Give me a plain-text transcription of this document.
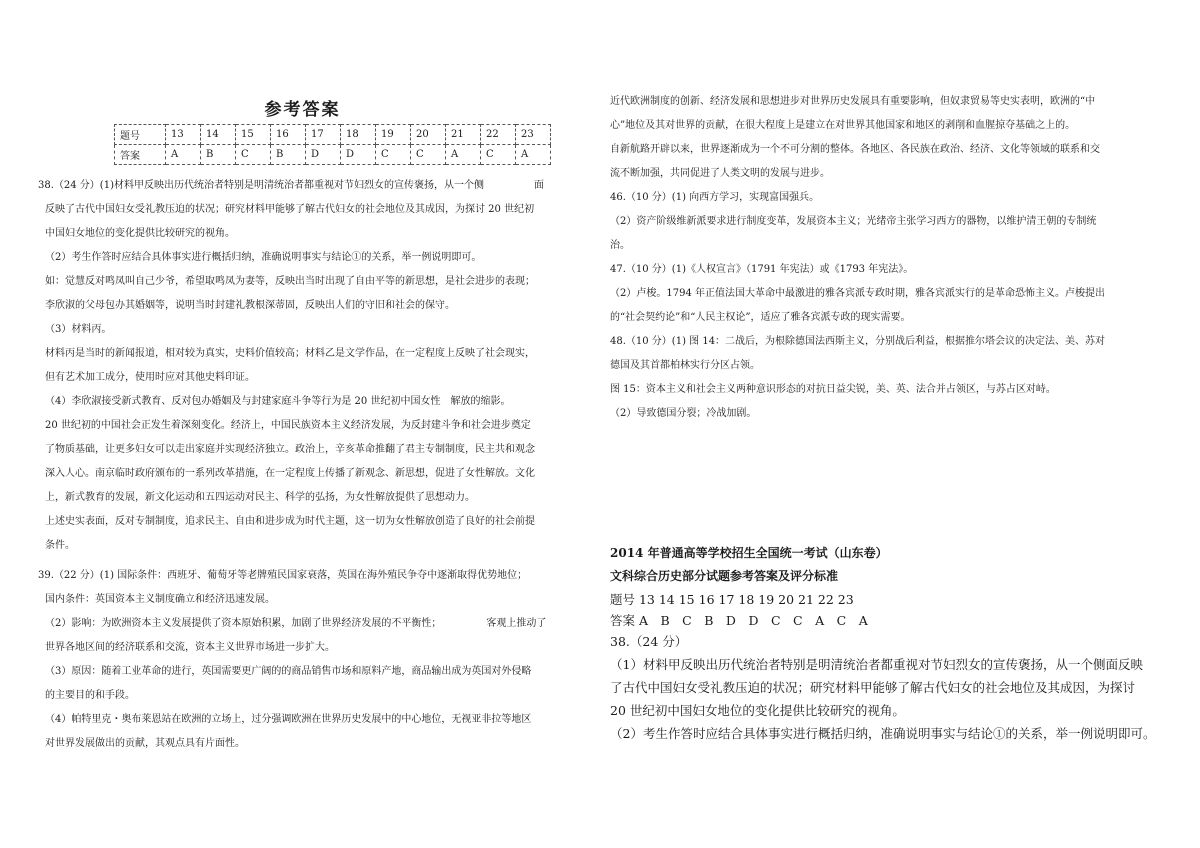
参考答案
题号	13	14	15	16	17	18	19	20	21	22	23
答案	A	B	C	B	D	D	C	C	A	C	A
38.（24 分）(1)材料甲反映出历代统治者特别是明清统治者都重视对节妇烈女的宣传褒扬，从一个侧　　　　　面
反映了古代中国妇女受礼教压迫的状况；研究材料甲能够了解古代妇女的社会地位及其成因，为探讨 20 世纪初
中国妇女地位的变化提供比较研究的视角。
（2）考生作答时应结合具体事实进行概括归纳，准确说明事实与结论①的关系，举一例说明即可。
如：觉慧反对鸣凤叫自己少爷，希望取鸣凤为妻等，反映出当时出现了自由平等的新思想，是社会进步的表现；
李欣淑的父母包办其婚姻等，说明当时封建礼教根深蒂固，反映出人们的守旧和社会的保守。
（3）材料丙。
材料丙是当时的新闻报道，相对较为真实，史料价值较高；材料乙是文学作品，在一定程度上反映了社会现实，
但有艺术加工成分，使用时应对其他史料印证。
（4）李欣淑接受新式教育、反对包办婚姻及与封建家庭斗争等行为是 20 世纪初中国女性　解放的缩影。
20 世纪初的中国社会正发生着深刻变化。经济上，中国民族资本主义经济发展，为反封建斗争和社会进步奠定
了物质基础，让更多妇女可以走出家庭并实现经济独立。政治上，辛亥革命推翻了君主专制制度，民主共和观念
深入人心。南京临时政府颁布的一系列改革措施，在一定程度上传播了新观念、新思想，促进了女性解放。文化
上，新式教育的发展，新文化运动和五四运动对民主、科学的弘扬，为女性解放提供了思想动力。
上述史实表面，反对专制制度，追求民主、自由和进步成为时代主题，这一切为女性解放创造了良好的社会前提
条件。
39.（22 分）(1) 国际条件：西班牙、葡萄牙等老牌殖民国家衰落，英国在海外殖民争夺中逐渐取得优势地位；
国内条件：英国资本主义制度确立和经济迅速发展。
（2）影响：为欧洲资本主义发展提供了资本原始积累，加剧了世界经济发展的不平衡性；　　　　　客观上推动了
世界各地区间的经济联系和交流，资本主义世界市场进一步扩大。
（3）原因：随着工业革命的进行，英国需要更广阔的的商品销售市场和原料产地，商品输出成为英国对外侵略
的主要目的和手段。
（4）帕特里克・奥布莱恩站在欧洲的立场上，过分强调欧洲在世界历史发展中的中心地位，无视亚非拉等地区
对世界发展做出的贡献，其观点具有片面性。
近代欧洲制度的创新、经济发展和思想进步对世界历史发展具有重要影响，但奴隶贸易等史实表明，欧洲的“中
心”地位及其对世界的贡献，在很大程度上是建立在对世界其他国家和地区的剥削和血腥掠夺基础之上的。
自新航路开辟以来，世界逐渐成为一个不可分割的整体。各地区、各民族在政治、经济、文化等领域的联系和交
流不断加强，共同促进了人类文明的发展与进步。
46.（10 分）(1) 向西方学习，实现富国强兵。
（2）资产阶级维新派要求进行制度变革，发展资本主义；光绪帝主张学习西方的器物，以维护清王朝的专制统
治。
47.（10 分）(1)《人权宣言》（1791 年宪法）或《1793 年宪法》。
（2）卢梭。1794 年正值法国大革命中最激进的雅各宾派专政时期，雅各宾派实行的是革命恐怖主义。卢梭提出
的“社会契约论”和“人民主权论”，适应了雅各宾派专政的现实需要。
48.（10 分）(1) 图 14：二战后，为根除德国法西斯主义，分别战后利益，根据推尔塔会议的决定法、美、苏对
德国及其首都柏林实行分区占领。
图 15：资本主义和社会主义两种意识形态的对抗日益尖锐，美、英、法合并占领区，与苏占区对峙。
（2）导致德国分裂；冷战加剧。
2014 年普通高等学校招生全国统一考试（山东卷）
文科综合历史部分试题参考答案及评分标准
题号 13 14 15 16 17 18 19 20 21 22 23
答案 A　B　C　B　D　D　C　C　A　C　A
38.（24 分）
（1）材料甲反映出历代统治者特别是明清统治者都重视对节妇烈女的宣传褒扬，从一个侧面反映
了古代中国妇女受礼教压迫的状况；研究材料甲能够了解古代妇女的社会地位及其成因，为探讨
20 世纪初中国妇女地位的变化提供比较研究的视角。
（2）考生作答时应结合具体事实进行概括归纳，准确说明事实与结论①的关系，举一例说明即可。
